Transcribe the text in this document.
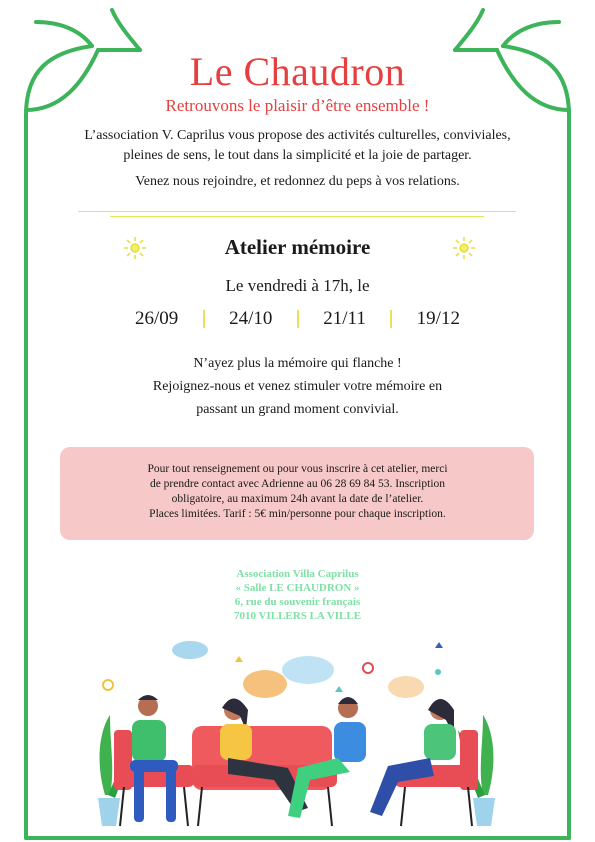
Le Chaudron
Retrouvons le plaisir d’être ensemble !

L’association V. Caprilus vous propose des activités culturelles, conviviales,

pleines de sens, le tout dans la simplicité et la joie de partager.

Venez nous rejoindre, et redonnez du peps à vos relations.

Atelier mémoire
Le vendredi à 17h, le
26/09	24/10	21/11	19/12

N’ayez plus la mémoire qui flanche !

Rejoignez-nous et venez stimuler votre mémoire en

passant un grand moment convivial.

Pour tout renseignement ou pour vous inscrire à cet atelier, merci
de prendre contact avec Adrienne au 06 28 69 84 53. Inscription
obligatoire, au maximum 24h avant la date de l’atelier.
Places limitées. Tarif : 5€ min/personne pour chaque inscription.

Association Villa Caprilus

« Salle LE CHAUDRON »

6, rue du souvenir français

7010 VILLERS LA VILLE
